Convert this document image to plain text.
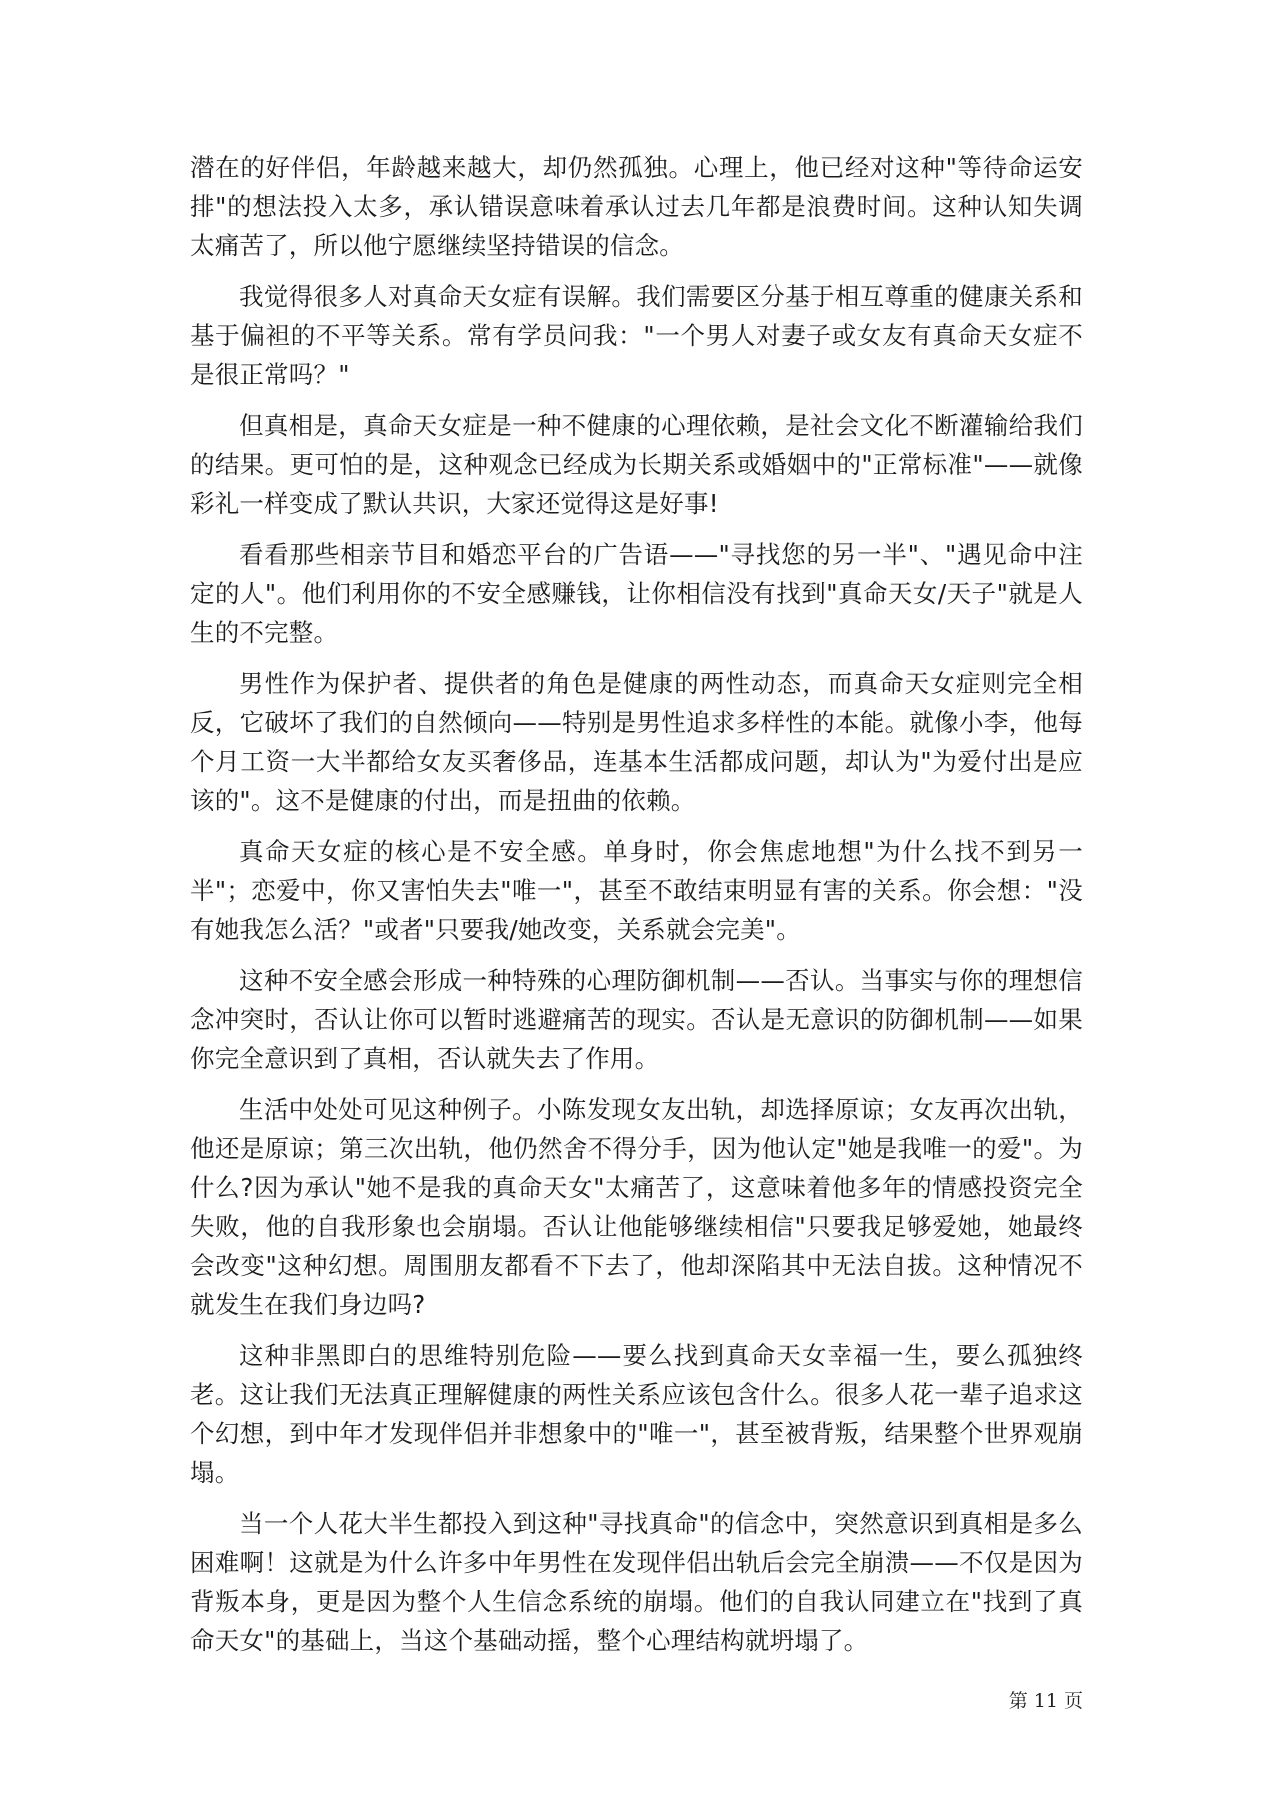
潜在的好伴侣，年龄越来越大，却仍然孤独。心理上，他已经对这种"等待命运安排"的想法投入太多，承认错误意味着承认过去几年都是浪费时间。这种认知失调太痛苦了，所以他宁愿继续坚持错误的信念。

我觉得很多人对真命天女症有误解。我们需要区分基于相互尊重的健康关系和基于偏袒的不平等关系。常有学员问我："一个男人对妻子或女友有真命天女症不是很正常吗？"

但真相是，真命天女症是一种不健康的心理依赖，是社会文化不断灌输给我们的结果。更可怕的是，这种观念已经成为长期关系或婚姻中的"正常标准"——就像彩礼一样变成了默认共识，大家还觉得这是好事!

看看那些相亲节目和婚恋平台的广告语——"寻找您的另一半"、"遇见命中注定的人"。他们利用你的不安全感赚钱，让你相信没有找到"真命天女/天子"就是人生的不完整。

男性作为保护者、提供者的角色是健康的两性动态，而真命天女症则完全相反，它破坏了我们的自然倾向——特别是男性追求多样性的本能。就像小李，他每个月工资一大半都给女友买奢侈品，连基本生活都成问题，却认为"为爱付出是应该的"。这不是健康的付出，而是扭曲的依赖。

真命天女症的核心是不安全感。单身时，你会焦虑地想"为什么找不到另一半"；恋爱中，你又害怕失去"唯一"，甚至不敢结束明显有害的关系。你会想："没有她我怎么活？"或者"只要我/她改变，关系就会完美"。

这种不安全感会形成一种特殊的心理防御机制——否认。当事实与你的理想信念冲突时，否认让你可以暂时逃避痛苦的现实。否认是无意识的防御机制——如果你完全意识到了真相，否认就失去了作用。

生活中处处可见这种例子。小陈发现女友出轨，却选择原谅；女友再次出轨，他还是原谅；第三次出轨，他仍然舍不得分手，因为他认定"她是我唯一的爱"。为什么?因为承认"她不是我的真命天女"太痛苦了，这意味着他多年的情感投资完全失败，他的自我形象也会崩塌。否认让他能够继续相信"只要我足够爱她，她最终会改变"这种幻想。周围朋友都看不下去了，他却深陷其中无法自拔。这种情况不就发生在我们身边吗?

这种非黑即白的思维特别危险——要么找到真命天女幸福一生，要么孤独终老。这让我们无法真正理解健康的两性关系应该包含什么。很多人花一辈子追求这个幻想，到中年才发现伴侣并非想象中的"唯一"，甚至被背叛，结果整个世界观崩塌。

当一个人花大半生都投入到这种"寻找真命"的信念中，突然意识到真相是多么困难啊！这就是为什么许多中年男性在发现伴侣出轨后会完全崩溃——不仅是因为背叛本身，更是因为整个人生信念系统的崩塌。他们的自我认同建立在"找到了真命天女"的基础上，当这个基础动摇，整个心理结构就坍塌了。

第 11 页
